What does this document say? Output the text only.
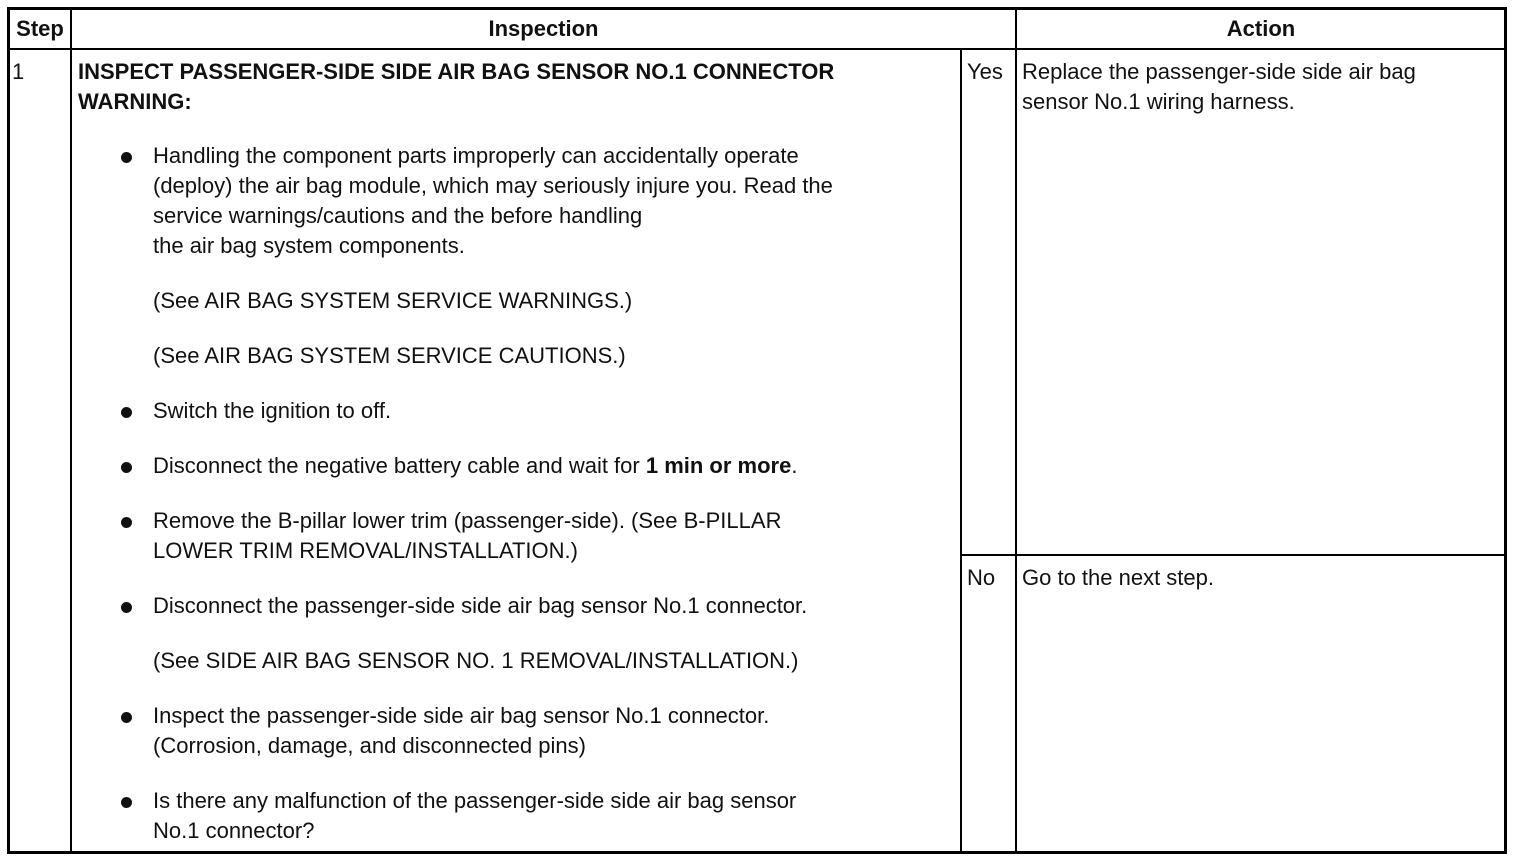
Step	Inspection	Action
1 INSPECT PASSENGER-SIDE SIDE AIR BAG SENSOR NO.1 CONNECTOR
WARNING:
Handling the component parts improperly can accidentally operate
(deploy) the air bag module, which may seriously injure you. Read the
service warnings/cautions and the before handling
the air bag system components.
(See AIR BAG SYSTEM SERVICE WARNINGS.)
(See AIR BAG SYSTEM SERVICE CAUTIONS.)
Switch the ignition to off.
Disconnect the negative battery cable and wait for 1 min or more.
Remove the B-pillar lower trim (passenger-side). (See B-PILLAR
LOWER TRIM REMOVAL/INSTALLATION.)
Disconnect the passenger-side side air bag sensor No.1 connector.
(See SIDE AIR BAG SENSOR NO. 1 REMOVAL/INSTALLATION.)
Inspect the passenger-side side air bag sensor No.1 connector.
(Corrosion, damage, and disconnected pins)
Is there any malfunction of the passenger-side side air bag sensor
No.1 connector?
Yes Replace the passenger-side side air bag
sensor No.1 wiring harness.
No Go to the next step.
